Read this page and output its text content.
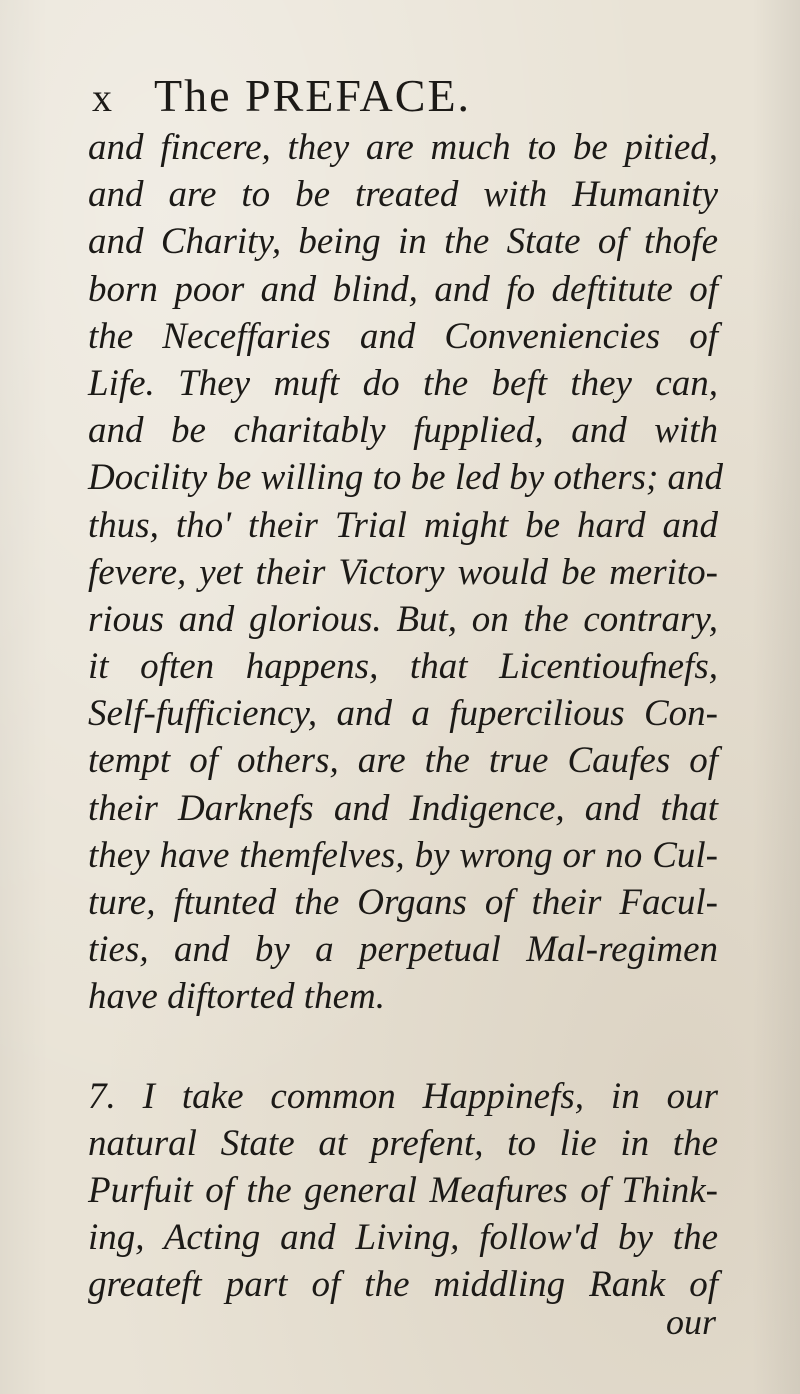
x The PREFACE.
and fincere, they are much to be pitied,
and are to be treated with Humanity
and Charity, being in the State of thofe
born poor and blind, and fo deftitute of
the Neceffaries and Conveniencies of
Life. They muft do the beft they can,
and be charitably fupplied, and with
Docility be willing to be led by others; and
thus, tho' their Trial might be hard and
fevere, yet their Victory would be merito-
rious and glorious. But, on the contrary,
it often happens, that Licentioufnefs,
Self-fufficiency, and a fupercilious Con-
tempt of others, are the true Caufes of
their Darknefs and Indigence, and that
they have themfelves, by wrong or no Cul-
ture, ftunted the Organs of their Facul-
ties, and by a perpetual Mal-regimen
have diftorted them.
7. I take common Happinefs, in our
natural State at prefent, to lie in the
Purfuit of the general Meafures of Think-
ing, Acting and Living, follow'd by the
greateft part of the middling Rank of
our
